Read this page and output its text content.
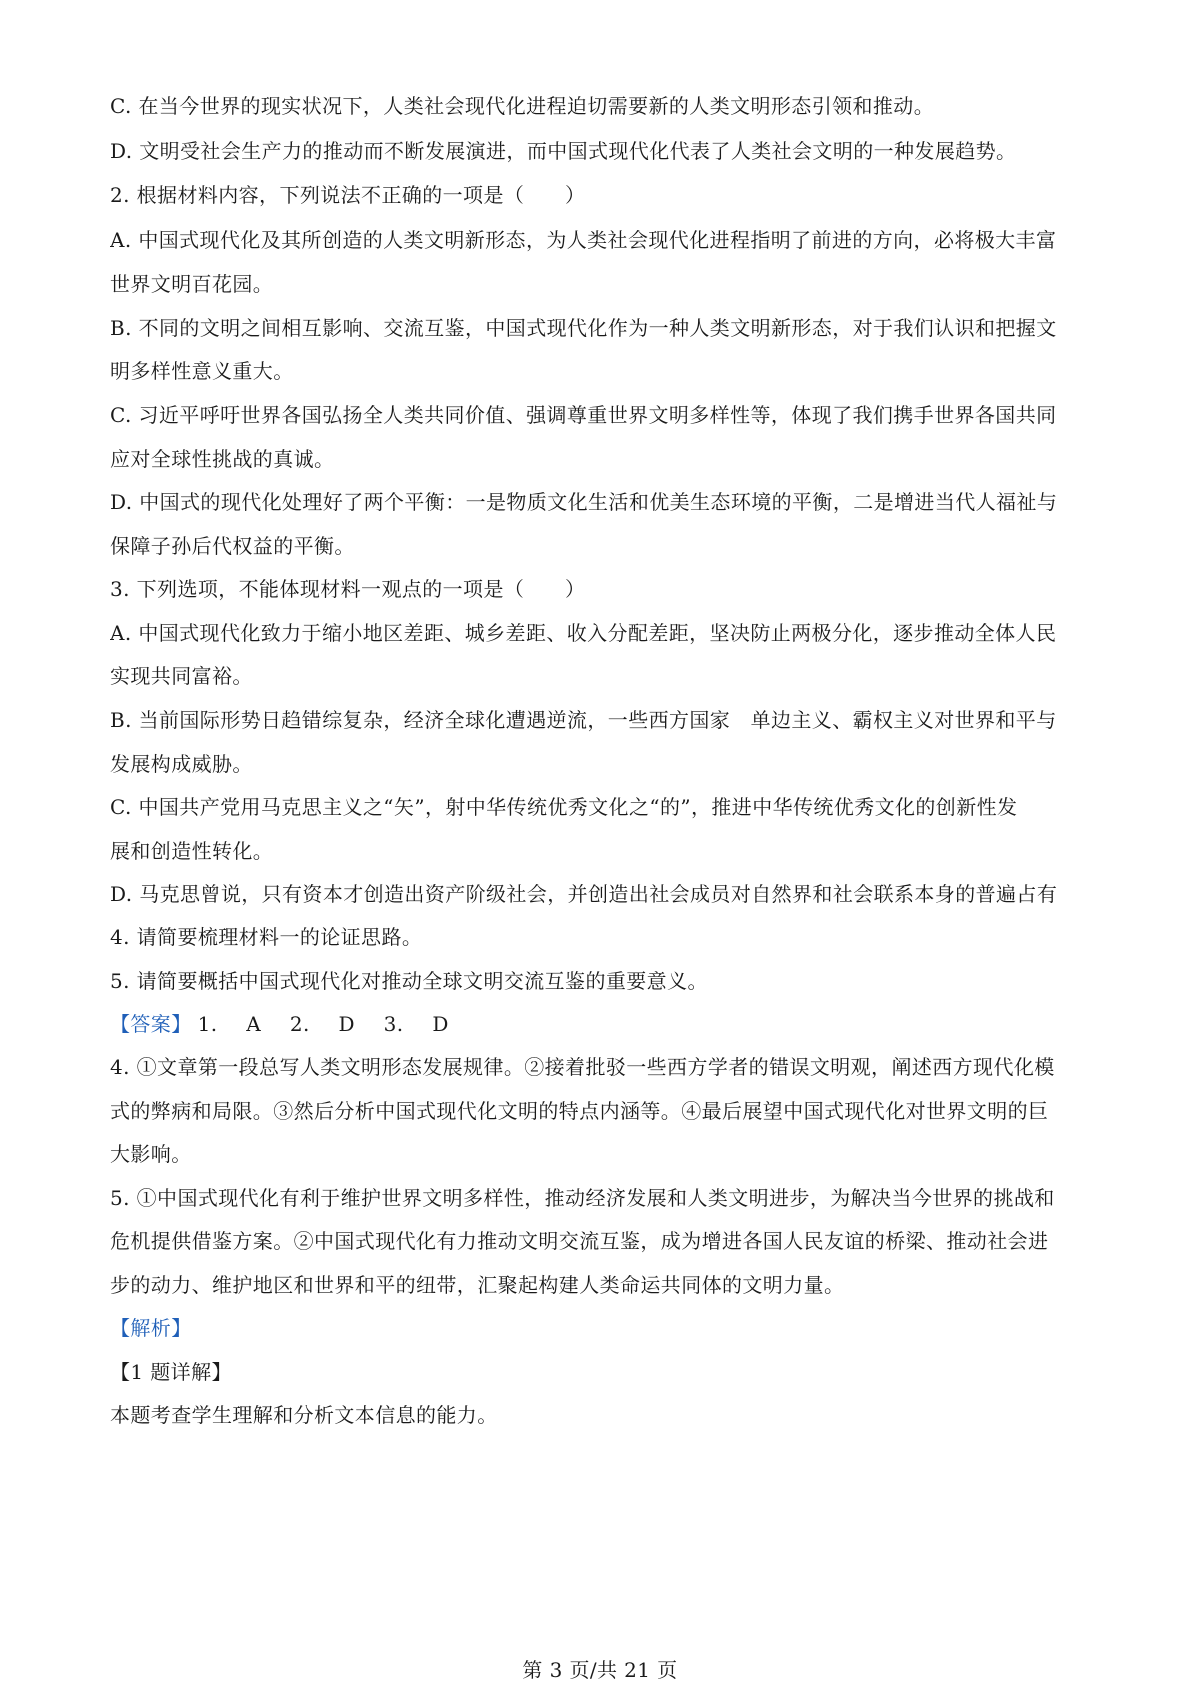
C. 在当今世界的现实状况下，人类社会现代化进程迫切需要新的人类文明形态引领和推动。
D. 文明受社会生产力的推动而不断发展演进，而中国式现代化代表了人类社会文明的一种发展趋势。
2. 根据材料内容，下列说法不正确的一项是（　　）
A. 中国式现代化及其所创造的人类文明新形态，为人类社会现代化进程指明了前进的方向，必将极大丰富
世界文明百花园。
B. 不同的文明之间相互影响、交流互鉴，中国式现代化作为一种人类文明新形态，对于我们认识和把握文
明多样性意义重大。
C. 习近平呼吁世界各国弘扬全人类共同价值、强调尊重世界文明多样性等，体现了我们携手世界各国共同
应对全球性挑战的真诚。
D. 中国式的现代化处理好了两个平衡：一是物质文化生活和优美生态环境的平衡，二是增进当代人福祉与
保障子孙后代权益的平衡。
3. 下列选项，不能体现材料一观点的一项是（　　）
A. 中国式现代化致力于缩小地区差距、城乡差距、收入分配差距，坚决防止两极分化，逐步推动全体人民
实现共同富裕。
B. 当前国际形势日趋错综复杂，经济全球化遭遇逆流，一些西方国家　单边主义、霸权主义对世界和平与
发展构成威胁。
C. 中国共产党用马克思主义之“矢”，射中华传统优秀文化之“的”，推进中华传统优秀文化的创新性发
展和创造性转化。
D. 马克思曾说，只有资本才创造出资产阶级社会，并创造出社会成员对自然界和社会联系本身的普遍占有
4. 请简要梳理材料一的论证思路。
5. 请简要概括中国式现代化对推动全球文明交流互鉴的重要意义。
【答案】 1. A 2. D 3. D
4. ①文章第一段总写人类文明形态发展规律。②接着批驳一些西方学者的错误文明观，阐述西方现代化模
式的弊病和局限。③然后分析中国式现代化文明的特点内涵等。④最后展望中国式现代化对世界文明的巨
大影响。
5. ①中国式现代化有利于维护世界文明多样性，推动经济发展和人类文明进步，为解决当今世界的挑战和
危机提供借鉴方案。②中国式现代化有力推动文明交流互鉴，成为增进各国人民友谊的桥梁、推动社会进
步的动力、维护地区和世界和平的纽带，汇聚起构建人类命运共同体的文明力量。
【解析】
【1 题详解】
本题考查学生理解和分析文本信息的能力。
第 3 页/共 21 页
